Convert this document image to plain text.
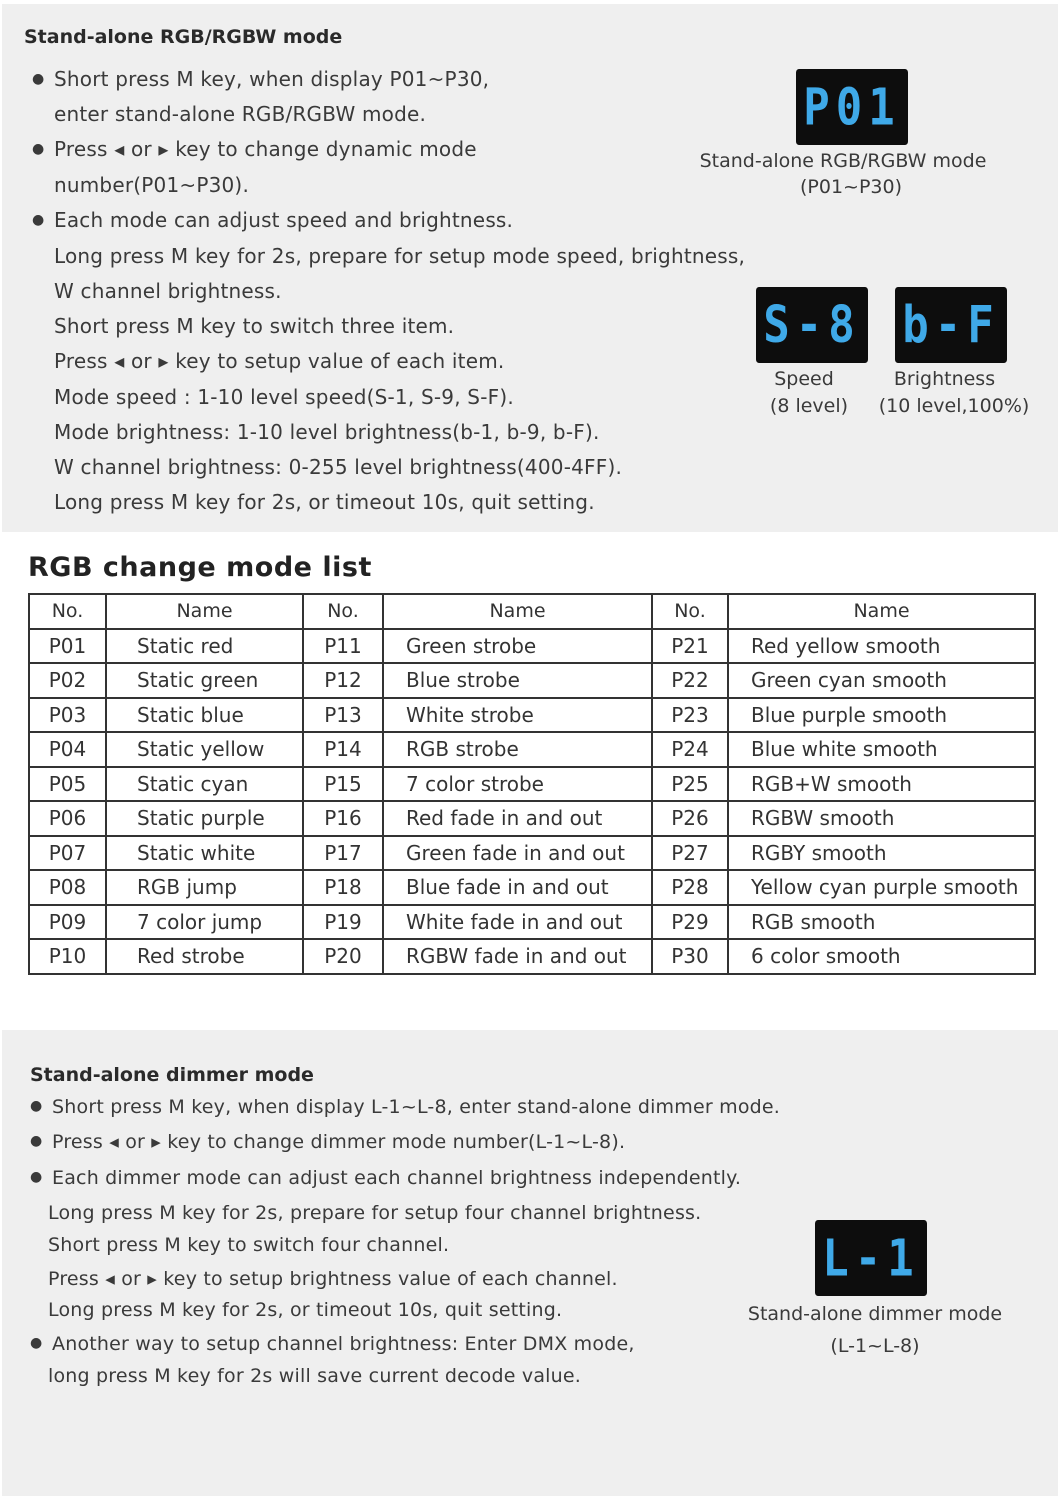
Stand-alone RGB/RGBW mode
● Short press M key, when display P01~P30,
enter stand-alone RGB/RGBW mode.
● Press ◂ or ▸ key to change dynamic mode
number(P01~P30).
● Each mode can adjust speed and brightness.
Long press M key for 2s, prepare for setup mode speed, brightness,
W channel brightness.
Short press M key to switch three item.
Press ◂ or ▸ key to setup value of each item.
Mode speed : 1-10 level speed(S-1, S-9, S-F).
Mode brightness: 1-10 level brightness(b-1, b-9, b-F).
W channel brightness: 0-255 level brightness(400-4FF).
Long press M key for 2s, or timeout 10s, quit setting.
P01
Stand-alone RGB/RGBW mode
(P01~P30)
S-8
Speed
(8 level)
b-F
Brightness
(10 level,100%)
RGB change mode list
No.	Name	No.	Name	No.	Name
P01	Static red	P11	Green strobe	P21	Red yellow smooth
P02	Static green	P12	Blue strobe	P22	Green cyan smooth
P03	Static blue	P13	White strobe	P23	Blue purple smooth
P04	Static yellow	P14	RGB strobe	P24	Blue white smooth
P05	Static cyan	P15	7 color strobe	P25	RGB+W smooth
P06	Static purple	P16	Red fade in and out	P26	RGBW smooth
P07	Static white	P17	Green fade in and out	P27	RGBY smooth
P08	RGB jump	P18	Blue fade in and out	P28	Yellow cyan purple smooth
P09	7 color jump	P19	White fade in and out	P29	RGB smooth
P10	Red strobe	P20	RGBW fade in and out	P30	6 color smooth
Stand-alone dimmer mode
● Short press M key, when display L-1~L-8, enter stand-alone dimmer mode.
● Press ◂ or ▸ key to change dimmer mode number(L-1~L-8).
● Each dimmer mode can adjust each channel brightness independently.
Long press M key for 2s, prepare for setup four channel brightness.
Short press M key to switch four channel.
Press ◂ or ▸ key to setup brightness value of each channel.
Long press M key for 2s, or timeout 10s, quit setting.
● Another way to setup channel brightness: Enter DMX mode,
long press M key for 2s will save current decode value.
L-1
Stand-alone dimmer mode
(L-1~L-8)
